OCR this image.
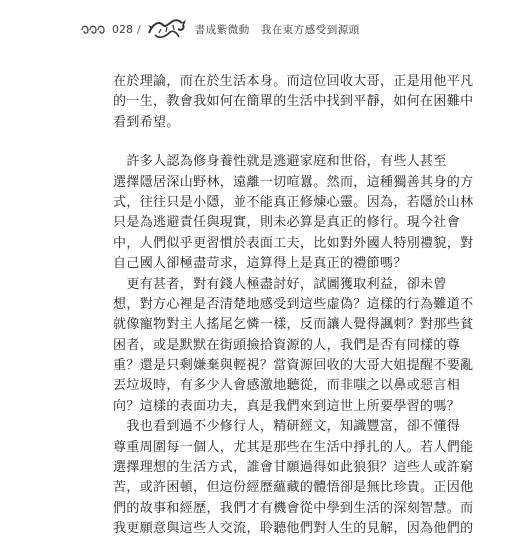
028 /	書成紫微動　我在東方感受到源頭
在於理論，而在於生活本身。而這位回收大哥，正是用他平凡
的一生，教會我如何在簡單的生活中找到平靜，如何在困難中
看到希望。
　許多人認為修身養性就是逃避家庭和世俗，有些人甚至
選擇隱居深山野林，遠離一切喧囂。然而，這種獨善其身的方
式，往往只是小隱，並不能真正修煉心靈。因為，若隱於山林
只是為逃避責任與現實，則未必算是真正的修行。現今社會
中，人們似乎更習慣於表面工夫，比如對外國人特別禮貌，對
自己國人卻極盡苛求，這算得上是真正的禮節嗎？
　更有甚者，對有錢人極盡討好，試圖獲取利益，卻未曾
想，對方心裡是否清楚地感受到這些虛偽？這樣的行為難道不
就像寵物對主人搖尾乞憐一樣，反而讓人覺得諷刺？對那些貧
困者，或是默默在街頭撿拾資源的人，我們是否有同樣的尊
重？還是只剩嫌棄與輕視？當資源回收的大哥大姐提醒不要亂
丟垃圾時，有多少人會感激地聽從，而非嗤之以鼻或惡言相
向？這樣的表面功夫，真是我們來到這世上所要學習的嗎？
　我也看到過不少修行人，精研經文，知識豐富，卻不懂得
尊重周圍每一個人，尤其是那些在生活中掙扎的人。若人們能
選擇理想的生活方式，誰會甘願過得如此狼狽？這些人或許窮
苦，或許困頓，但這份經歷蘊藏的體悟卻是無比珍貴。正因他
們的故事和經歷，我們才有機會從中學到生活的深刻智慧。而
我更願意與這些人交流，聆聽他們對人生的見解，因為他們的
